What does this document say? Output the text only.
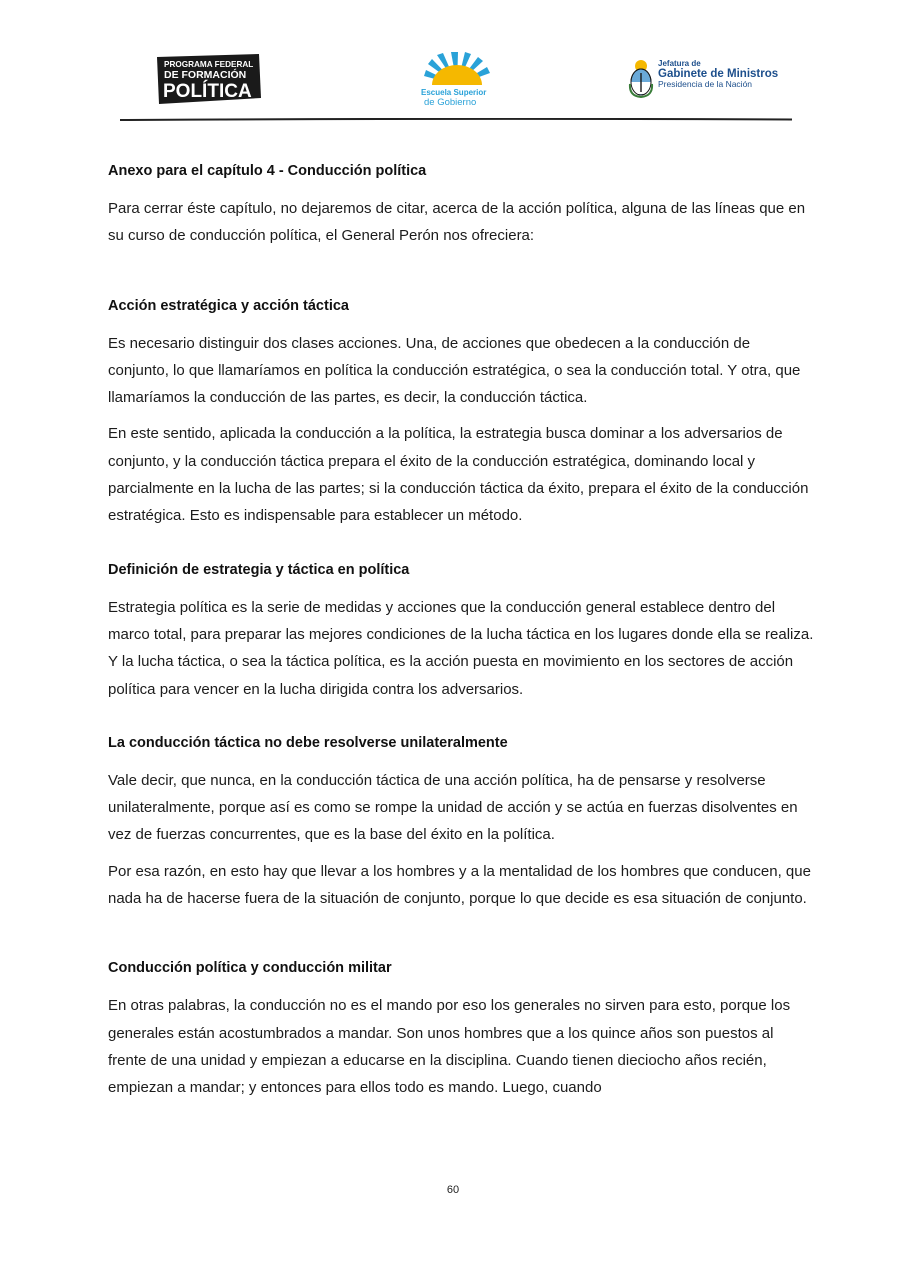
PROGRAMA FEDERAL
DE FORMACIÓN
POLÍTICA	Escuela Superior
de Gobierno
Jefatura de
Gabinete de Ministros
Presidencia de la Nación
Anexo para el capítulo 4 - Conducción política

Para cerrar éste capítulo, no dejaremos de citar, acerca de la acción política, alguna de las líneas que en su curso de conducción política, el General Perón nos ofreciera:

Acción estratégica y acción táctica

Es necesario distinguir dos clases acciones. Una, de acciones que obedecen a la conducción de conjunto, lo que llamaríamos en política la conducción estratégica, o sea la conducción total. Y otra, que llamaríamos la conducción de las partes, es decir, la conducción táctica.

En este sentido, aplicada la conducción a la política, la estrategia busca dominar a los adversarios de conjunto, y la conducción táctica prepara el éxito de la conducción estratégica, dominando local y parcialmente en la lucha de las partes; si la conducción táctica da éxito, prepara el éxito de la conducción estratégica. Esto es indispensable para establecer un método.

Definición de estrategia y táctica en política

Estrategia política es la serie de medidas y acciones que la conducción general establece dentro del marco total, para preparar las mejores condiciones de la lucha táctica en los lugares donde ella se realiza. Y la lucha táctica, o sea la táctica política, es la acción puesta en movimiento en los sectores de acción política para vencer en la lucha dirigida contra los adversarios.

La conducción táctica no debe resolverse unilateralmente

Vale decir, que nunca, en la conducción táctica de una acción política, ha de pensarse y resolverse unilateralmente, porque así es como se rompe la unidad de acción y se actúa en fuerzas disolventes en vez de fuerzas concurrentes, que es la base del éxito en la política.

Por esa razón, en esto hay que llevar a los hombres y a la mentalidad de los hombres que conducen, que nada ha de hacerse fuera de la situación de conjunto, porque lo que decide es esa situación de conjunto.

Conducción política y conducción militar

En otras palabras, la conducción no es el mando por eso los generales no sirven para esto, porque los generales están acostumbrados a mandar. Son unos hombres que a los quince años son puestos al frente de una unidad y empiezan a educarse en la disciplina. Cuando tienen dieciocho años recién, empiezan a mandar; y entonces para ellos todo es mando. Luego, cuando

60
